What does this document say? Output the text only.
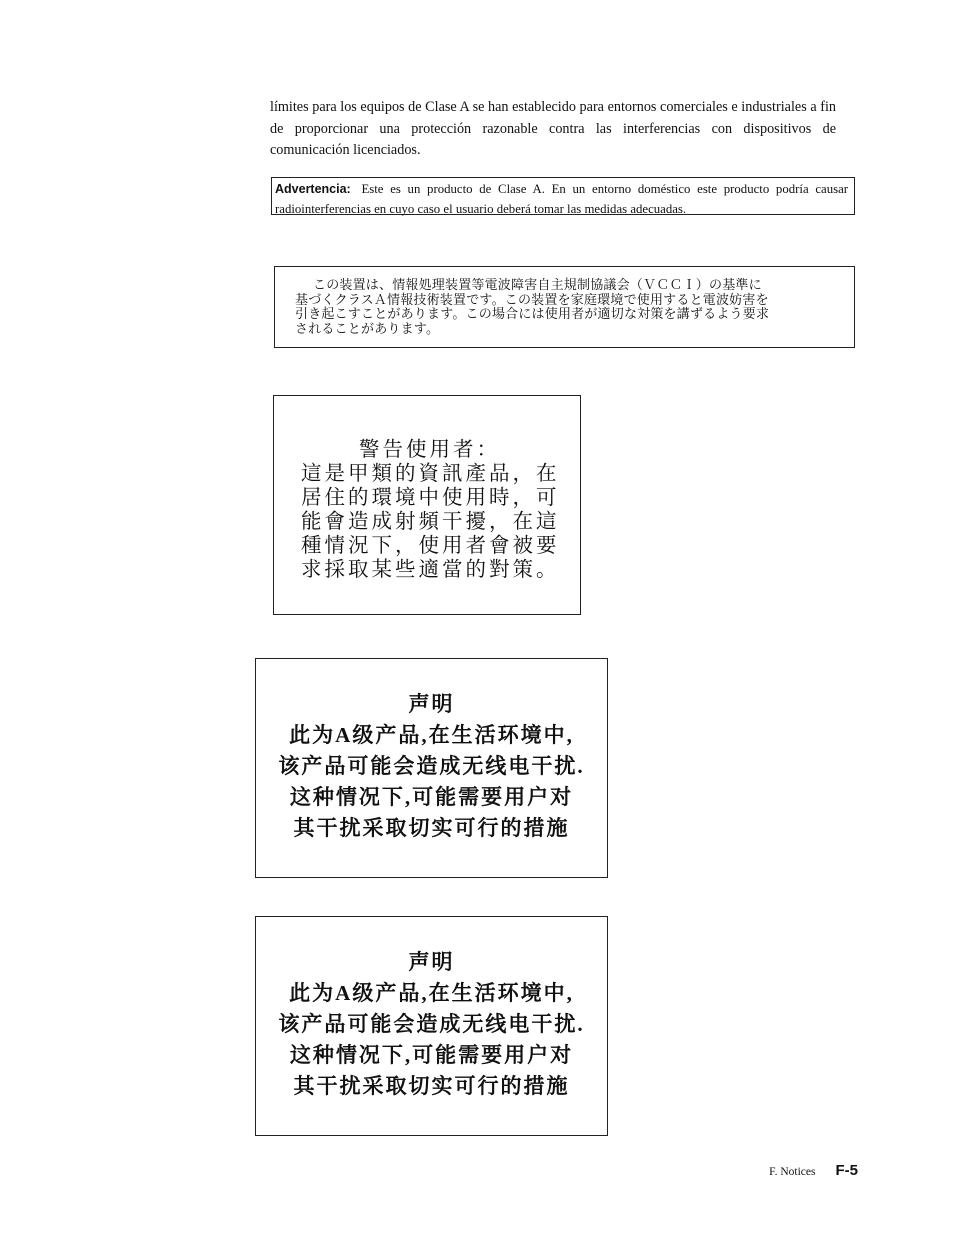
límites para los equipos de Clase A se han establecido para entornos comerciales e industriales a fin de proporcionar una protección razonable contra las interferencias con dispositivos de comunicación licenciados.

Advertencia: Este es un producto de Clase A. En un entorno doméstico este producto podría causar radiointerferencias en cuyo caso el usuario deberá tomar las medidas adecuadas.
この装置は、情報処理装置等電波障害自主規制協議会（ＶＣＣＩ）の基準に
基づくクラスＡ情報技術装置です。この装置を家庭環境で使用すると電波妨害を
引き起こすことがあります。この場合には使用者が適切な対策を講ずるよう要求
されることがあります。
警告使用者：
這是甲類的資訊產品，在
居住的環境中使用時，可
能會造成射頻干擾，在這
種情況下，使用者會被要
求採取某些適當的對策。
声明
此为A级产品,在生活环境中,
该产品可能会造成无线电干扰.
这种情况下,可能需要用户对
其干扰采取切实可行的措施
声明
此为A级产品,在生活环境中,
该产品可能会造成无线电干扰.
这种情况下,可能需要用户对
其干扰采取切实可行的措施
F. Notices F-5
